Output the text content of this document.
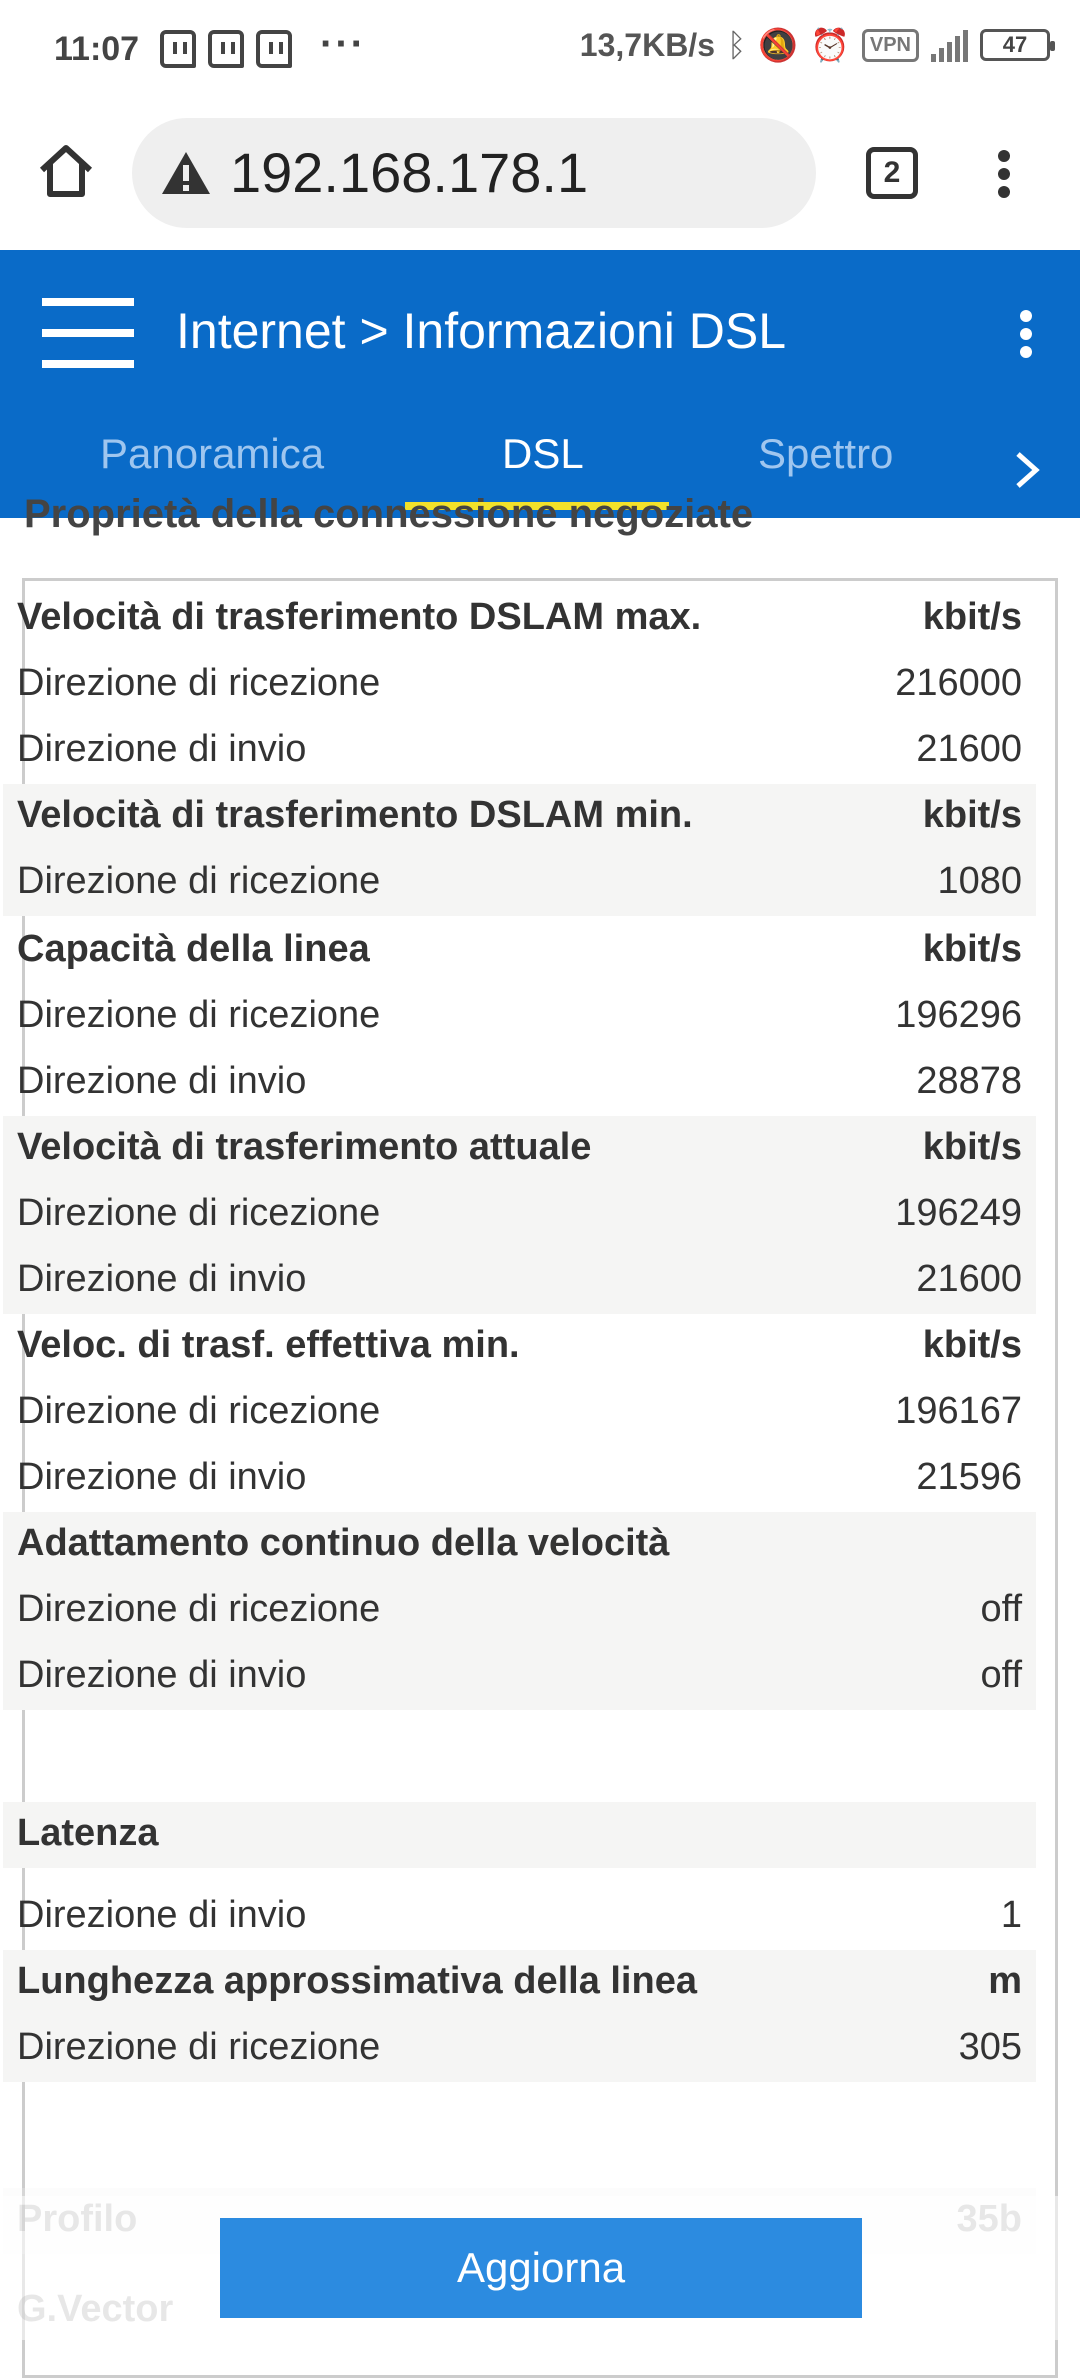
11:07	···	13,7KB/s ᛒ 🔕 ⏰	VPN	47
192.168.178.1	2
Internet > Informazioni DSL
Panoramica	DSL	Spettro
Proprietà della connessione negoziate
Velocità di trasferimento DSLAM max.	kbit/s
Direzione di ricezione	216000
Direzione di invio	21600
Velocità di trasferimento DSLAM min.	kbit/s
Direzione di ricezione	1080
Capacità della linea	kbit/s
Direzione di ricezione	196296
Direzione di invio	28878
Velocità di trasferimento attuale	kbit/s
Direzione di ricezione	196249
Direzione di invio	21600
Veloc. di trasf. effettiva min.	kbit/s
Direzione di ricezione	196167
Direzione di invio	21596
Adattamento continuo della velocità
Direzione di ricezione	off
Direzione di invio	off
Latenza
Direzione di invio	1
Lunghezza approssimativa della linea	m
Direzione di ricezione	305
Aggiorna
